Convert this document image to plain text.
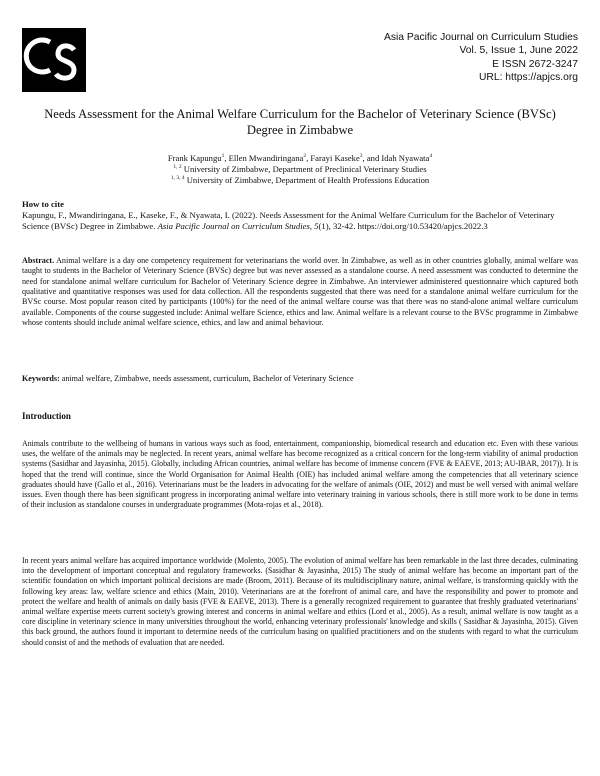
Asia Pacific Journal on Curriculum Studies
Vol. 5, Issue 1, June 2022
E ISSN 2672-3247
URL: https://apjcs.org
Needs Assessment for the Animal Welfare Curriculum for the Bachelor of Veterinary Science (BVSc) Degree in Zimbabwe
Frank Kapungu$^1$, Ellen Mwandiringana$^2$, Farayi Kaseke$^3$, and Idah Nyawata$^4$
$^{1, 2}$ University of Zimbabwe, Department of Preclinical Veterinary Studies
$^{1, 3, 4}$ University of Zimbabwe, Department of Health Professions Education
How to cite
Kapungu, F., Mwandiringana, E., Kaseke, F., & Nyawata, I. (2022). Needs Assessment for the Animal Welfare Curriculum for the Bachelor of Veterinary Science (BVSc) Degree in Zimbabwe. Asia Pacific Journal on Curriculum Studies, 5(1), 32-42. https://doi.org/10.53420/apjcs.2022.3
Abstract. Animal welfare is a day one competency requirement for veterinarians the world over. In Zimbabwe, as well as in other countries globally, animal welfare was taught to students in the Bachelor of Veterinary Science (BVSc) degree but was never assessed as a standalone course. A need assessment was conducted to determine the need for standalone animal welfare curriculum for Bachelor of Veterinary Science degree in Zimbabwe. An interviewer administered questionnaire which captured both qualitative and quantitative responses was used for data collection. All the respondents suggested that there was need for a standalone animal welfare curriculum for the BVSc course. Most popular reason cited by participants (100%) for the need of the animal welfare course was that there was no stand-alone animal welfare curriculum available. Components of the course suggested include: Animal welfare Science, ethics and law. Animal welfare is a relevant course to the BVSc programme in Zimbabwe whose contents should include animal welfare science, ethics, and law and animal behaviour.
Keywords: animal welfare, Zimbabwe, needs assessment, curriculum, Bachelor of Veterinary Science
Introduction
Animals contribute to the wellbeing of humans in various ways such as food, entertainment, companionship, biomedical research and education etc. Even with these various uses, the welfare of the animals may be neglected. In recent years, animal welfare has become recognized as a critical concern for the long-term viability of animal production systems (Sasidhar and Jayasinha, 2015). Globally, including African countries, animal welfare has become of immense concern (FVE & EAEVE, 2013; AU-IBAR, 2017)). It is hoped that the trend will continue, since the World Organisation for Animal Health (OIE) has included animal welfare among the competencies that all veterinary science graduates should have (Gallo et al., 2016). Veterinarians must be the leaders in advocating for the welfare of animals (OIE, 2012) and must be well versed with animal welfare issues. Even though there has been significant progress in incorporating animal welfare into veterinary training in various schools, there is still more work to be done in terms of their inclusion as standalone courses in undergraduate programmes (Mota-rojas et al., 2018).
In recent years animal welfare has acquired importance worldwide (Molento, 2005). The evolution of animal welfare has been remarkable in the last three decades, culminating into the development of important conceptual and regulatory frameworks. (Sasidhar & Jayasinha, 2015) The study of animal welfare has become an important part of the scientific foundation on which important political decisions are made (Broom, 2011). Because of its multidisciplinary nature, animal welfare, is transforming quickly with the following key areas: law, welfare science and ethics (Main, 2010). Veterinarians are at the forefront of animal care, and have the responsibility and power to promote and protect the welfare and health of animals on daily basis (FVE & EAEVE, 2013). There is a generally recognized requirement to guarantee that freshly graduated veterinarians' animal welfare expertise meets current society's growing interest and concerns in animal welfare and ethics (Lord et al., 2005). As a result, animal welfare is now taught as a core discipline in veterinary science in many universities throughout the world, enhancing veterinary professionals' knowledge and skills ( Sasidhar & Jayasinha, 2015). Given this back ground, the authors found it important to determine needs of the curriculum basing on qualified practitioners and on the students with regard to what the curriculum should consist of and the methods of evaluation that are needed.
